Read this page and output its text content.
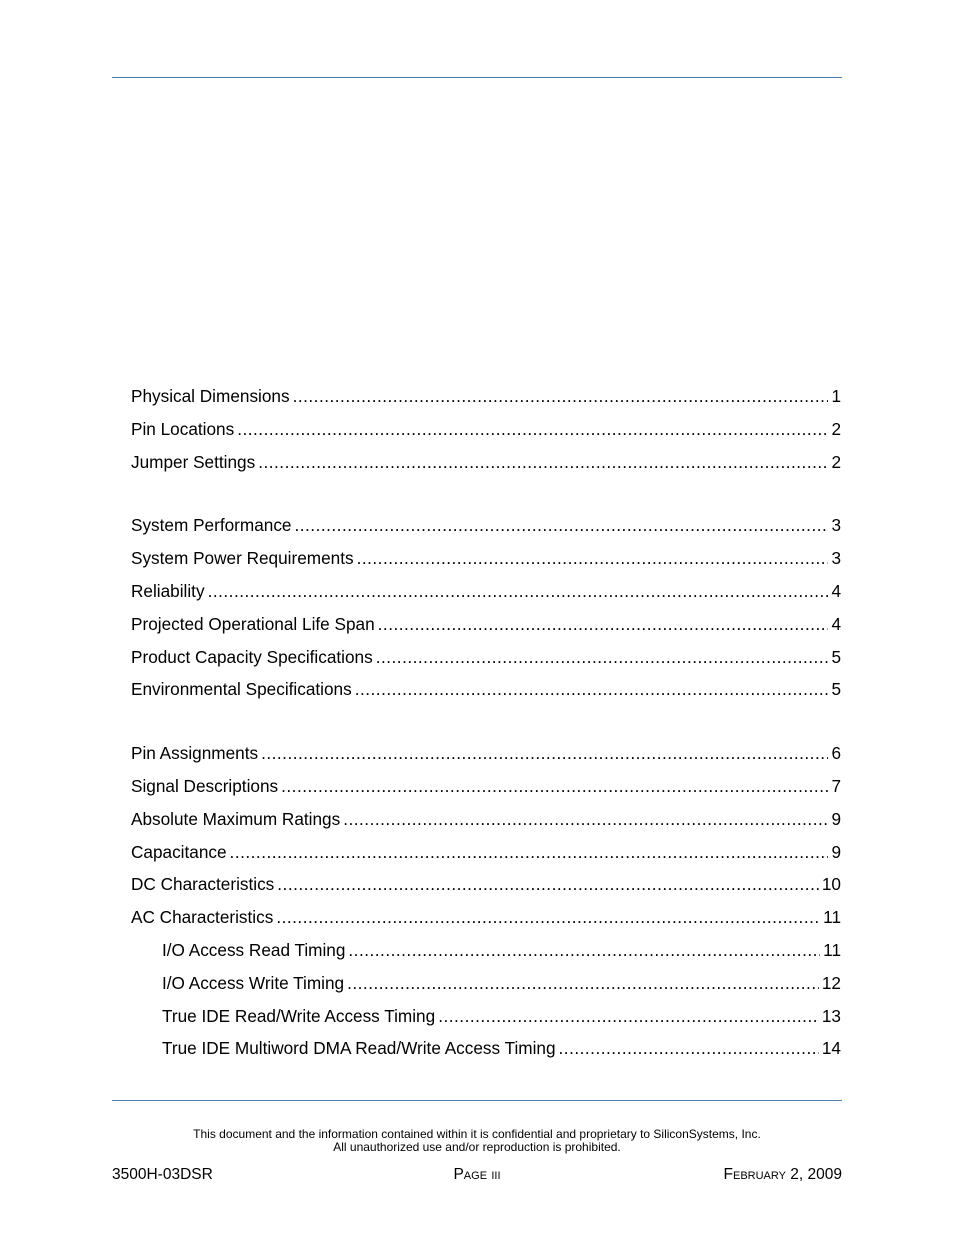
Physical Dimensions .....	1
Pin Locations .....	2
Jumper Settings .....	2
System Performance .....	3
System Power Requirements .....	3
Reliability .....	4
Projected Operational Life Span .....	4
Product Capacity Specifications .....	5
Environmental Specifications .....	5
Pin Assignments .....	6
Signal Descriptions .....	7
Absolute Maximum Ratings .....	9
Capacitance .....	9
DC Characteristics .....	10
AC Characteristics .....	11
I/O Access Read Timing .....	11
I/O Access Write Timing .....	12
True IDE Read/Write Access Timing .....	13
True IDE Multiword DMA Read/Write Access Timing .....	14
This document and the information contained within it is confidential and proprietary to SiliconSystems, Inc.
All unauthorized use and/or reproduction is prohibited.
3500H-03DSR	Page iii	February 2, 2009
